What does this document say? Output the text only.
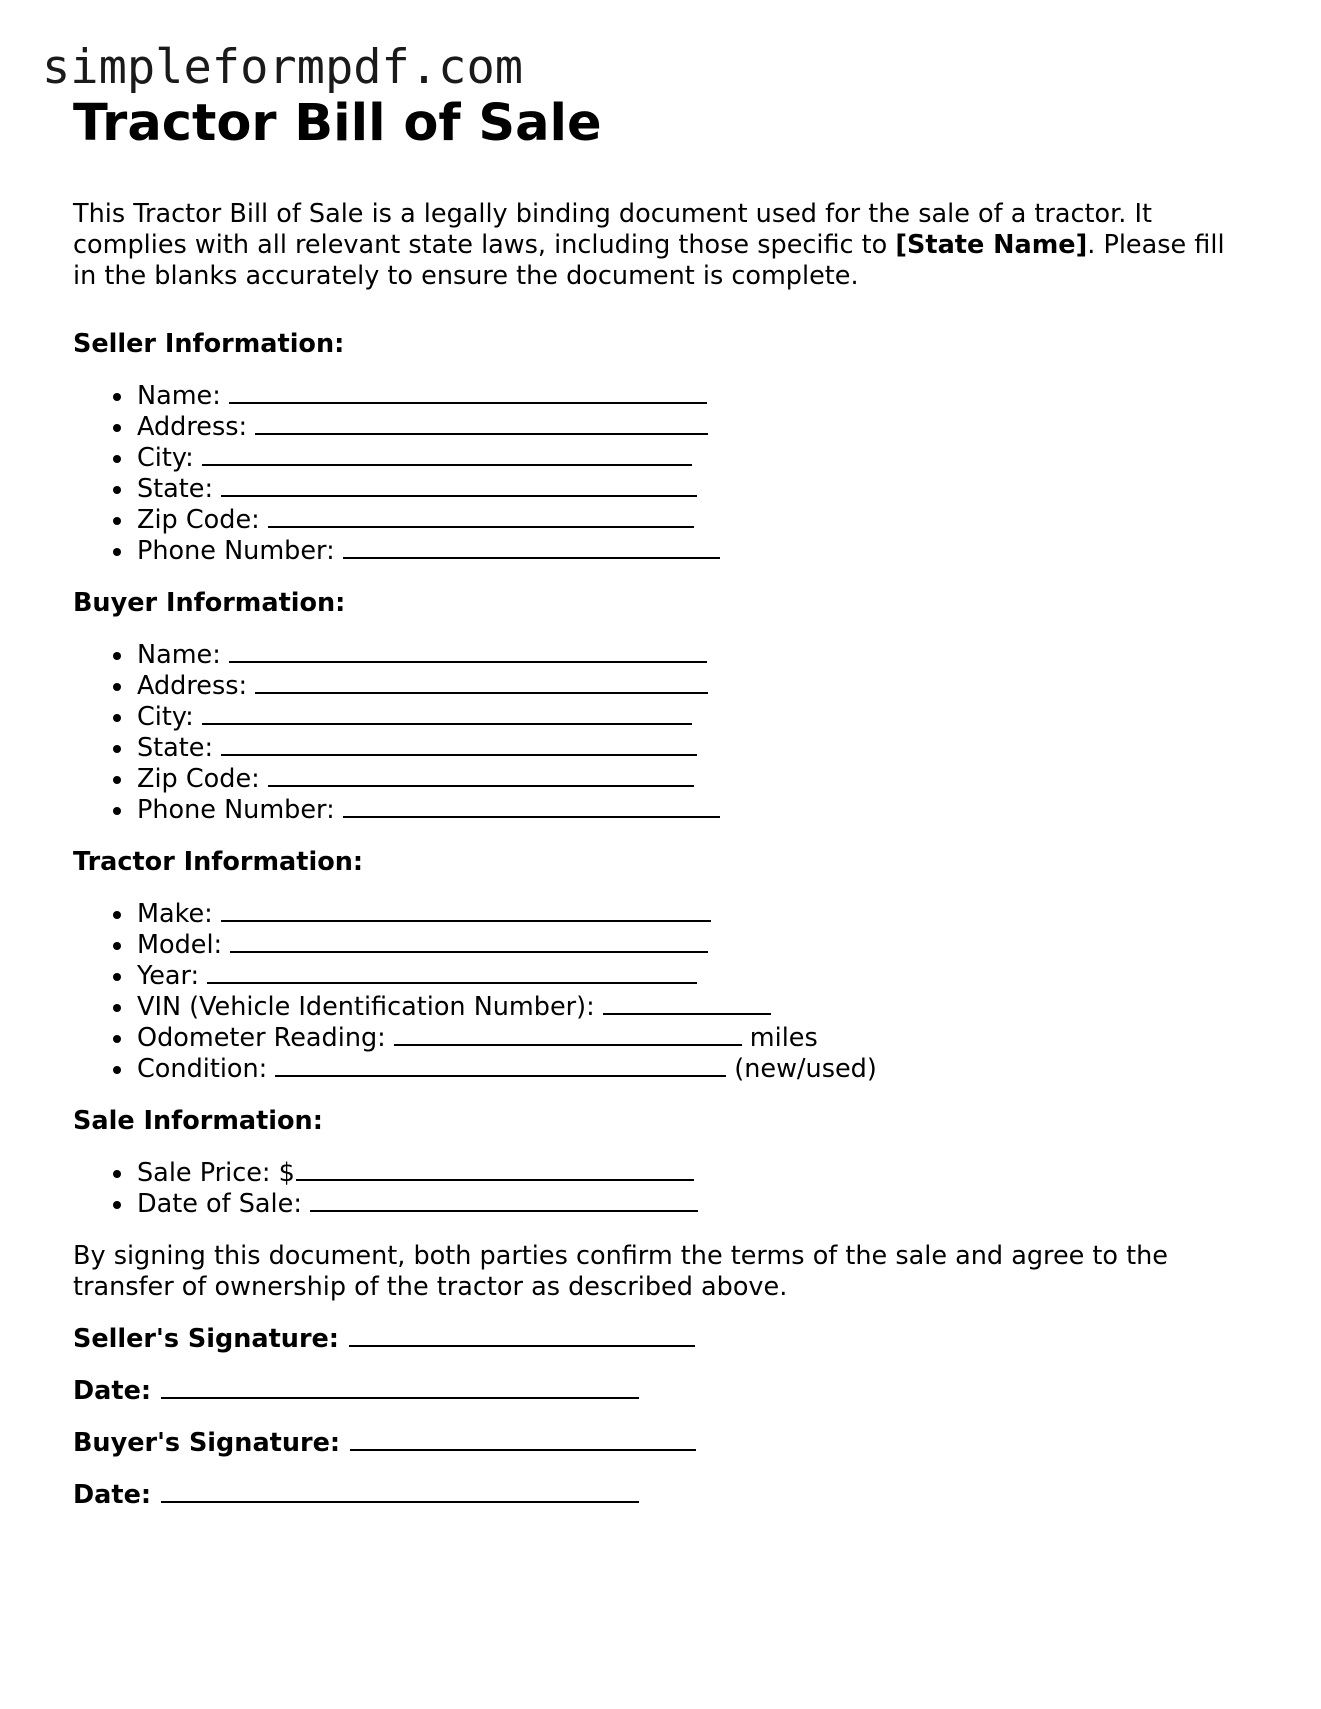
simpleformpdf.com
Tractor Bill of Sale

This Tractor Bill of Sale is a legally binding document used for the sale of a tractor. It complies with all relevant state laws, including those specific to [State Name]. Please fill in the blanks accurately to ensure the document is complete.

Seller Information:
Name:
Address:
City:
State:
Zip Code:
Phone Number:
Buyer Information:
Name:
Address:
City:
State:
Zip Code:
Phone Number:
Tractor Information:
Make:
Model:
Year:
VIN (Vehicle Identification Number):
Odometer Reading:	miles
Condition:	(new/used)
Sale Information:
Sale Price: $
Date of Sale:

By signing this document, both parties confirm the terms of the sale and agree to the transfer of ownership of the tractor as described above.

Seller's Signature:
Date:
Buyer's Signature:
Date:
